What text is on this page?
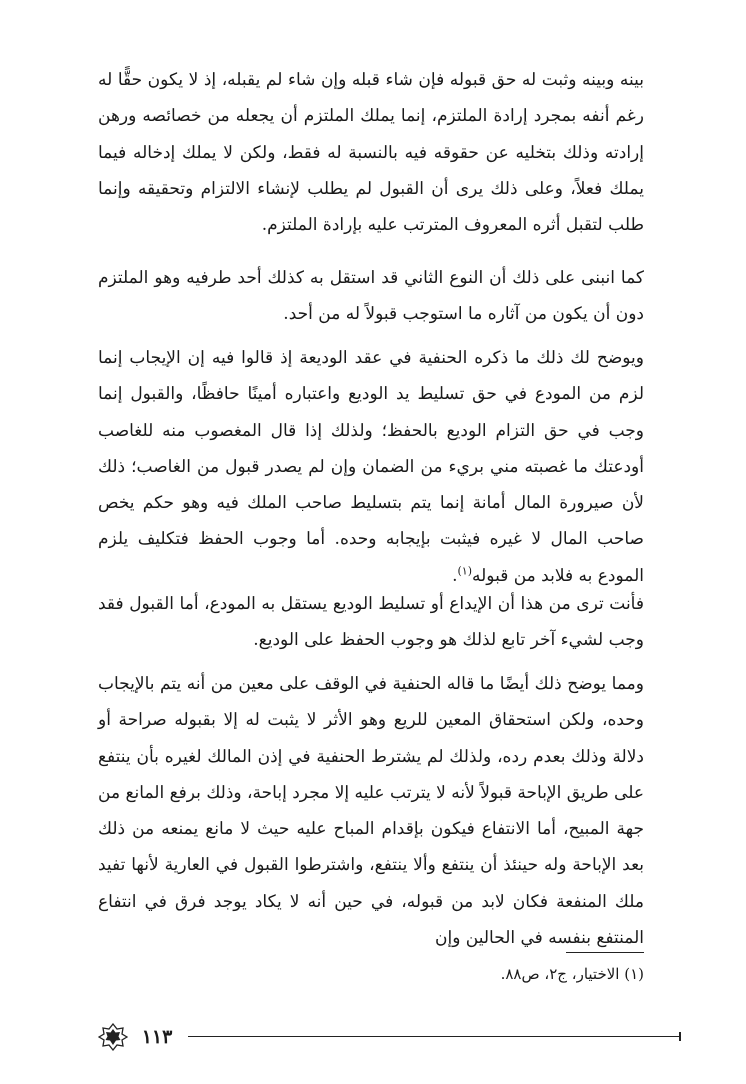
بينه وبينه وثبت له حق قبوله فإن شاء قبله وإن شاء لم يقبله، إذ لا يكون حقًّا له رغم أنفه بمجرد إرادة الملتزم، إنما يملك الملتزم أن يجعله من خصائصه ورهن إرادته وذلك بتخليه عن حقوقه فيه بالنسبة له فقط، ولكن لا يملك إدخاله فيما يملك فعلاً، وعلى ذلك يرى أن القبول لم يطلب لإنشاء الالتزام وتحقيقه وإنما طلب لتقبل أثره المعروف المترتب عليه بإرادة الملتزم.

كما انبنى على ذلك أن النوع الثاني قد استقل به كذلك أحد طرفيه وهو الملتزم دون أن يكون من آثاره ما استوجب قبولاً له من أحد.

ويوضح لك ذلك ما ذكره الحنفية في عقد الوديعة إذ قالوا فيه إن الإيجاب إنما لزم من المودع في حق تسليط يد الوديع واعتباره أمينًا حافظًا، والقبول إنما وجب في حق التزام الوديع بالحفظ؛ ولذلك إذا قال المغصوب منه للغاصب أودعتك ما غصبته مني بريء من الضمان وإن لم يصدر قبول من الغاصب؛ ذلك لأن صيرورة المال أمانة إنما يتم بتسليط صاحب الملك فيه وهو حكم يخص صاحب المال لا غيره فيثبت بإيجابه وحده. أما وجوب الحفظ فتكليف يلزم المودع به فلابد من قبوله$^{(١)}$.

فأنت ترى من هذا أن الإيداع أو تسليط الوديع يستقل به المودع، أما القبول فقد وجب لشيء آخر تابع لذلك هو وجوب الحفظ على الوديع.

ومما يوضح ذلك أيضًا ما قاله الحنفية في الوقف على معين من أنه يتم بالإيجاب وحده، ولكن استحقاق المعين للريع وهو الأثر لا يثبت له إلا بقبوله صراحة أو دلالة وذلك بعدم رده، ولذلك لم يشترط الحنفية في إذن المالك لغيره بأن ينتفع على طريق الإباحة قبولاً لأنه لا يترتب عليه إلا مجرد إباحة، وذلك برفع المانع من جهة المبيح، أما الانتفاع فيكون بإقدام المباح عليه حيث لا مانع يمنعه من ذلك بعد الإباحة وله حينئذ أن ينتفع وألا ينتفع، واشترطوا القبول في العارية لأنها تفيد ملك المنفعة فكان لابد من قبوله، في حين أنه لا يكاد يوجد فرق في انتفاع المنتفع بنفسه في الحالين وإن

(١) الاختيار، ج٢، ص٨٨.
١١٣
